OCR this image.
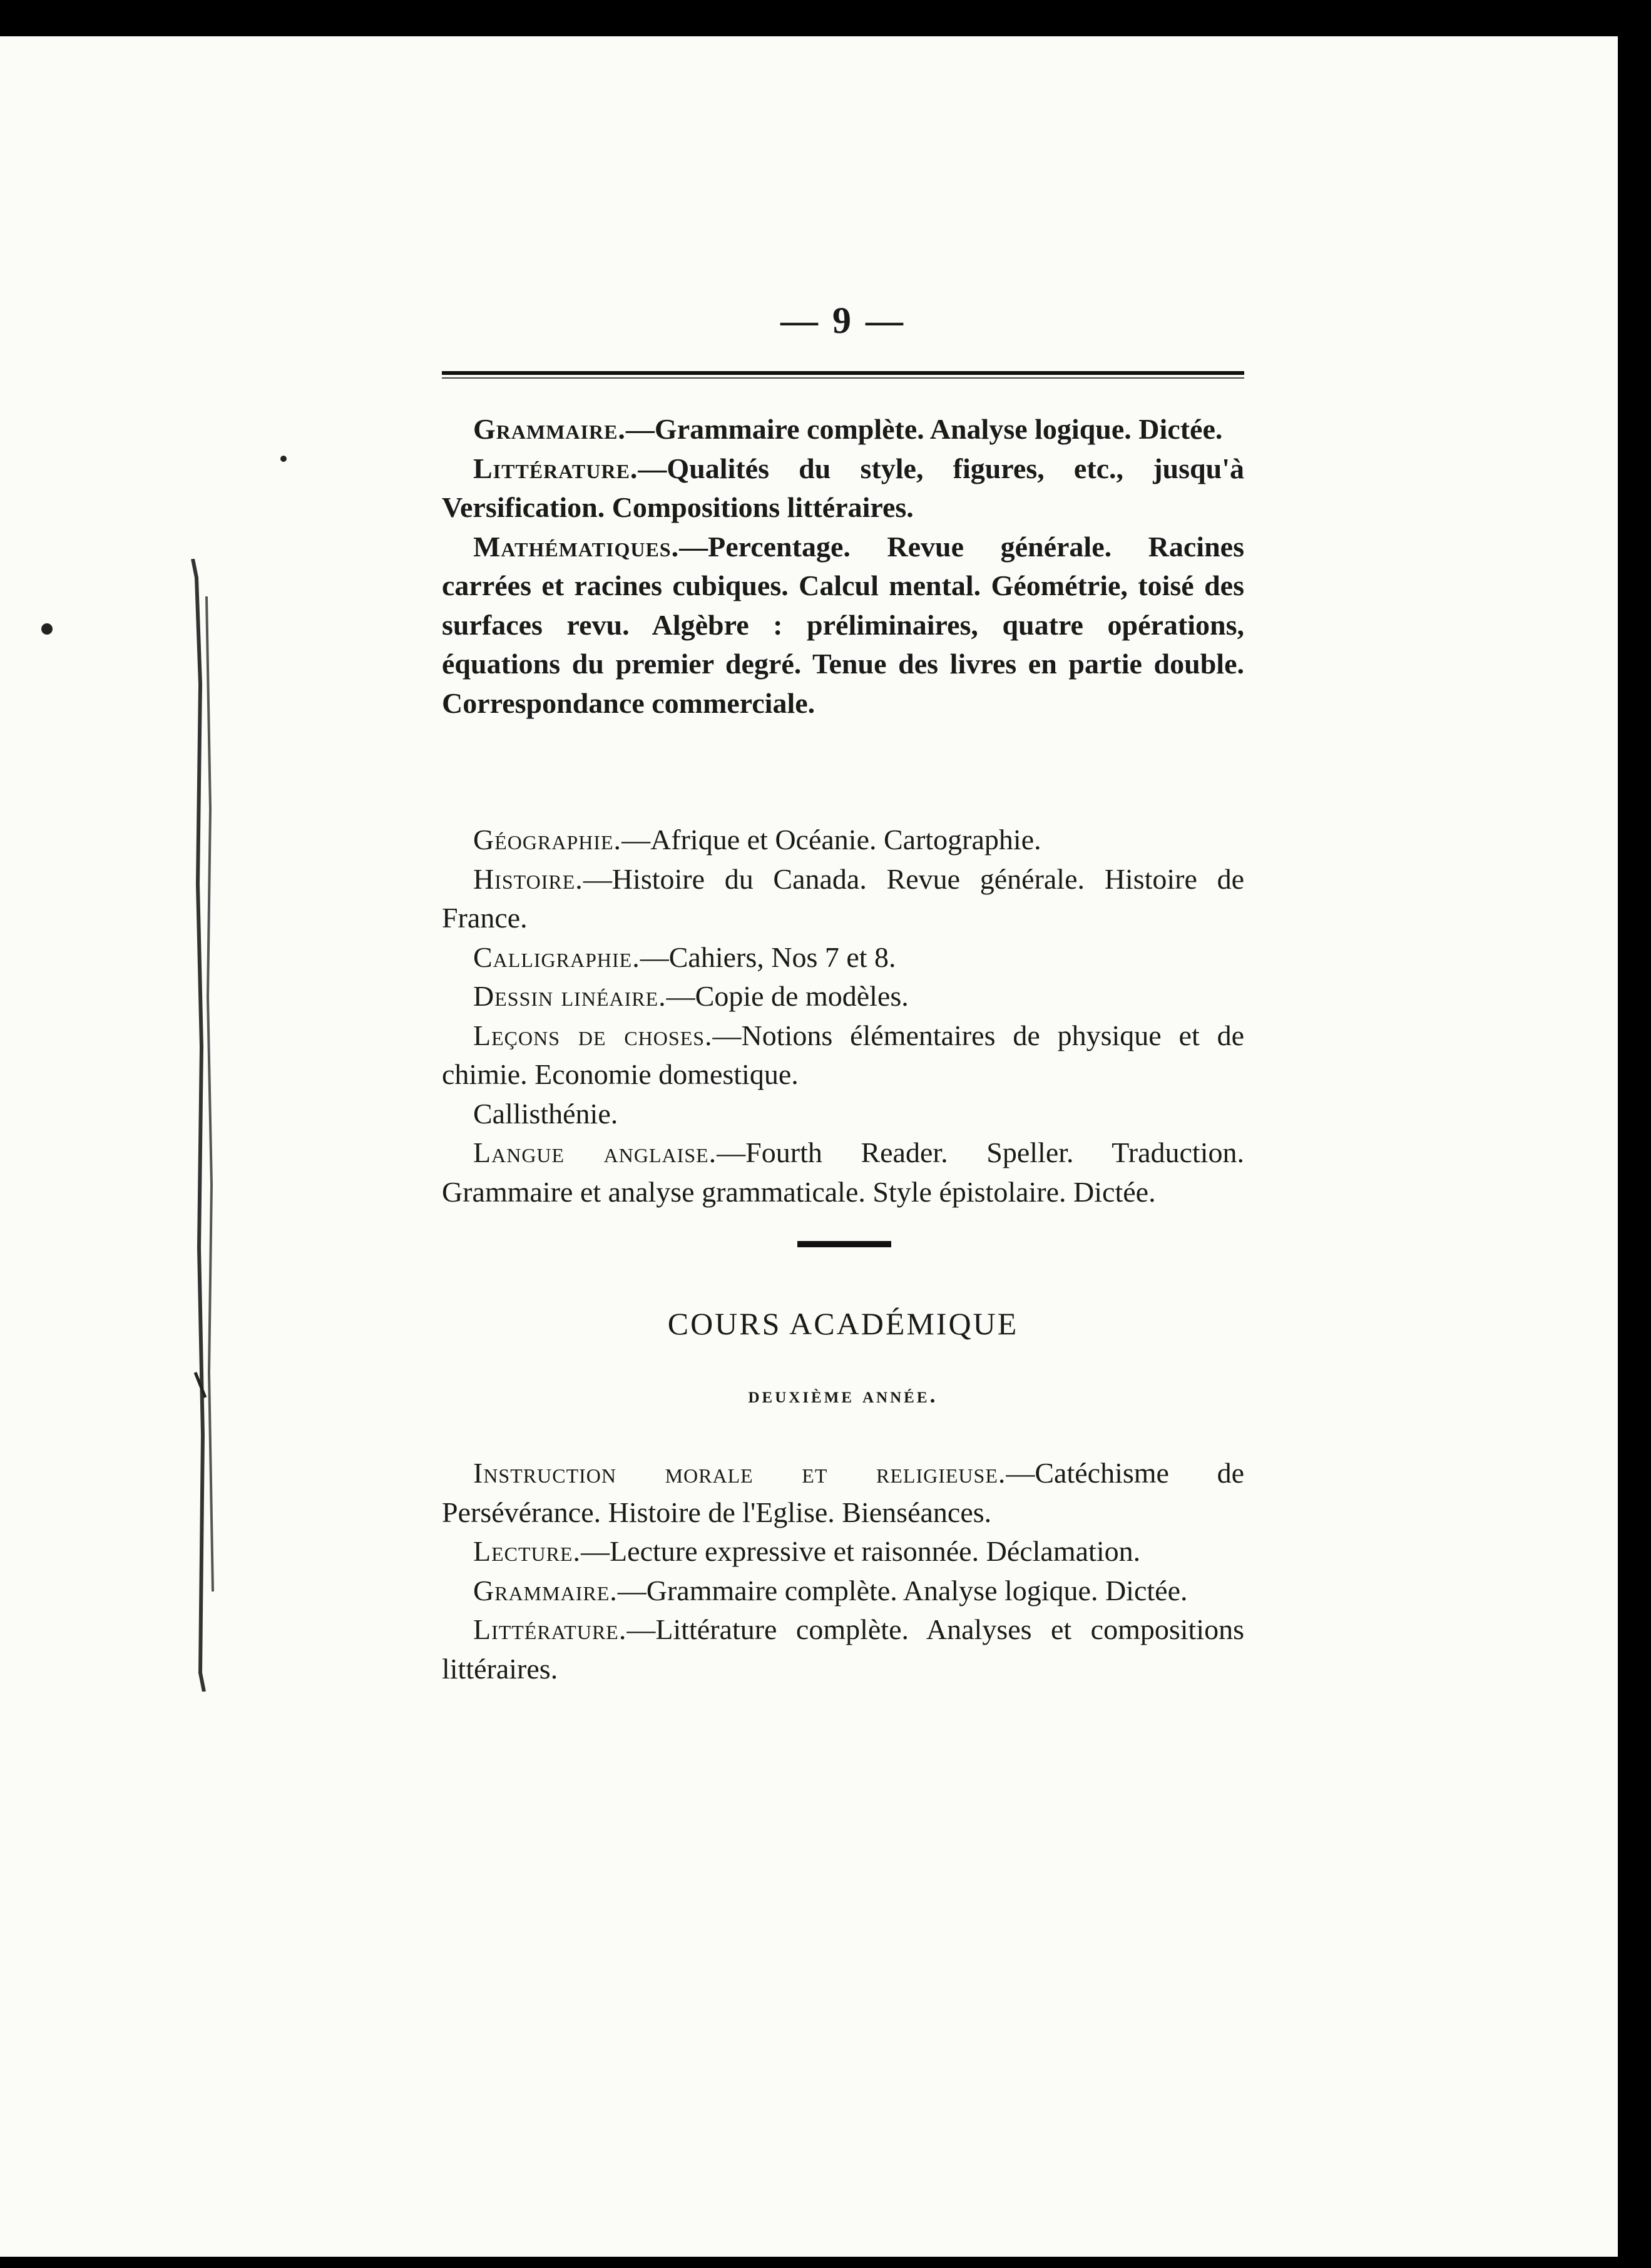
— 9 —

Grammaire.—Grammaire complète. Analyse logique. Dictée.

Littérature.—Qualités du style, figures, etc., jusqu'à Versification. Compositions littéraires.

Mathématiques.—Percentage. Revue générale. Racines carrées et racines cubiques. Calcul mental. Géométrie, toisé des surfaces revu. Algèbre : préliminaires, quatre opérations, équations du premier degré. Tenue des livres en partie double. Correspondance commerciale.

Géographie.—Afrique et Océanie. Cartographie.

Histoire.—Histoire du Canada. Revue générale. Histoire de France.

Calligraphie.—Cahiers, Nos 7 et 8.

Dessin linéaire.—Copie de modèles.

Leçons de choses.—Notions élémentaires de physique et de chimie. Economie domestique.

Callisthénie.

Langue anglaise.—Fourth Reader. Speller. Traduction. Grammaire et analyse grammaticale. Style épistolaire. Dictée.

COURS ACADÉMIQUE
deuxième année.

Instruction morale et religieuse.—Catéchisme de Persévérance. Histoire de l'Eglise. Bienséances.

Lecture.—Lecture expressive et raisonnée. Déclamation.

Grammaire.—Grammaire complète. Analyse logique. Dictée.

Littérature.—Littérature complète. Analyses et compositions littéraires.
